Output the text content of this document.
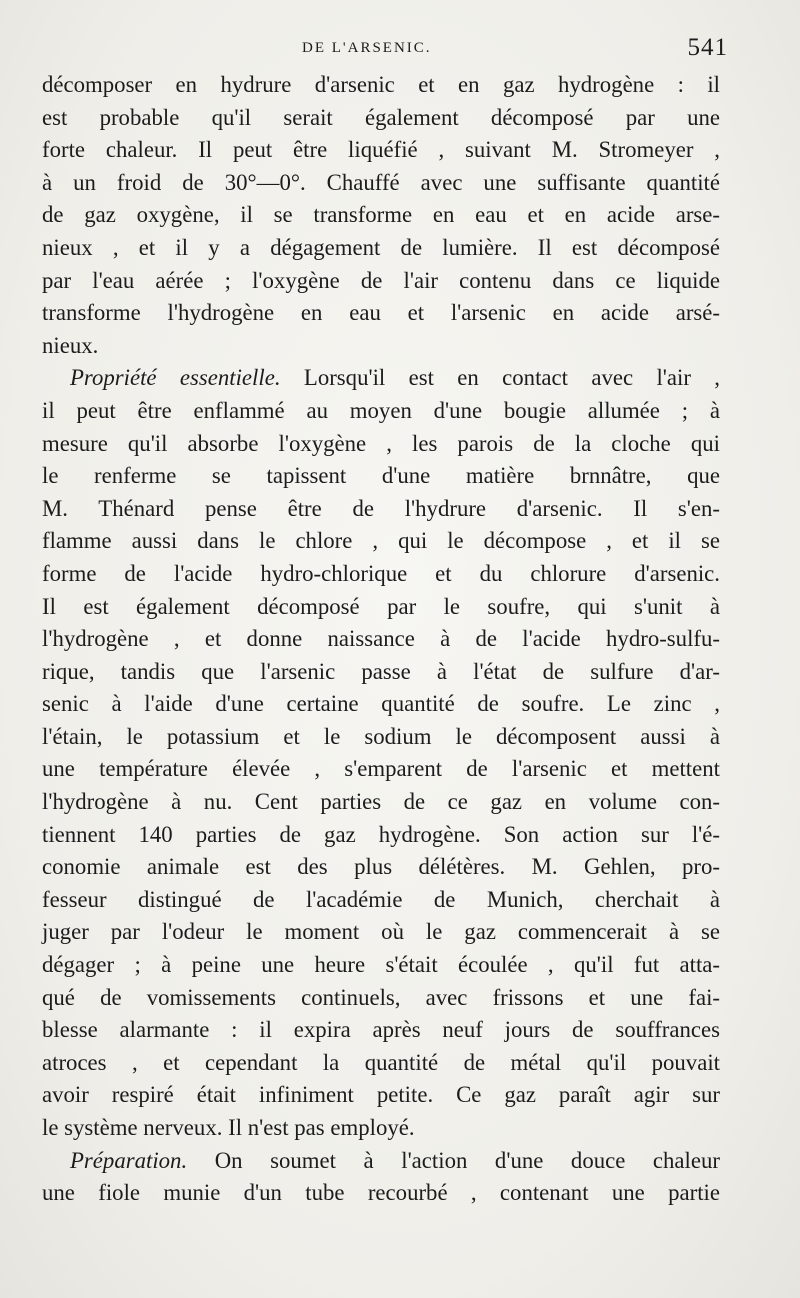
DE L'ARSENIC.	541
décomposer en hydrure d'arsenic et en gaz hydrogène : il
est probable qu'il serait également décomposé par une
forte chaleur. Il peut être liquéfié , suivant M. Stromeyer ,
à un froid de 30°—0°. Chauffé avec une suffisante quantité
de gaz oxygène, il se transforme en eau et en acide arse-
nieux , et il y a dégagement de lumière. Il est décomposé
par l'eau aérée ; l'oxygène de l'air contenu dans ce liquide
transforme l'hydrogène en eau et l'arsenic en acide arsé-
nieux.
Propriété essentielle. Lorsqu'il est en contact avec l'air ,
il peut être enflammé au moyen d'une bougie allumée ; à
mesure qu'il absorbe l'oxygène , les parois de la cloche qui
le renferme se tapissent d'une matière brnnâtre, que
M. Thénard pense être de l'hydrure d'arsenic. Il s'en-
flamme aussi dans le chlore , qui le décompose , et il se
forme de l'acide hydro-chlorique et du chlorure d'arsenic.
Il est également décomposé par le soufre, qui s'unit à
l'hydrogène , et donne naissance à de l'acide hydro-sulfu-
rique, tandis que l'arsenic passe à l'état de sulfure d'ar-
senic à l'aide d'une certaine quantité de soufre. Le zinc ,
l'étain, le potassium et le sodium le décomposent aussi à
une température élevée , s'emparent de l'arsenic et mettent
l'hydrogène à nu. Cent parties de ce gaz en volume con-
tiennent 140 parties de gaz hydrogène. Son action sur l'é-
conomie animale est des plus délétères. M. Gehlen, pro-
fesseur distingué de l'académie de Munich, cherchait à
juger par l'odeur le moment où le gaz commencerait à se
dégager ; à peine une heure s'était écoulée , qu'il fut atta-
qué de vomissements continuels, avec frissons et une fai-
blesse alarmante : il expira après neuf jours de souffrances
atroces , et cependant la quantité de métal qu'il pouvait
avoir respiré était infiniment petite. Ce gaz paraît agir sur
le système nerveux. Il n'est pas employé.
Préparation. On soumet à l'action d'une douce chaleur
une fiole munie d'un tube recourbé , contenant une partie
